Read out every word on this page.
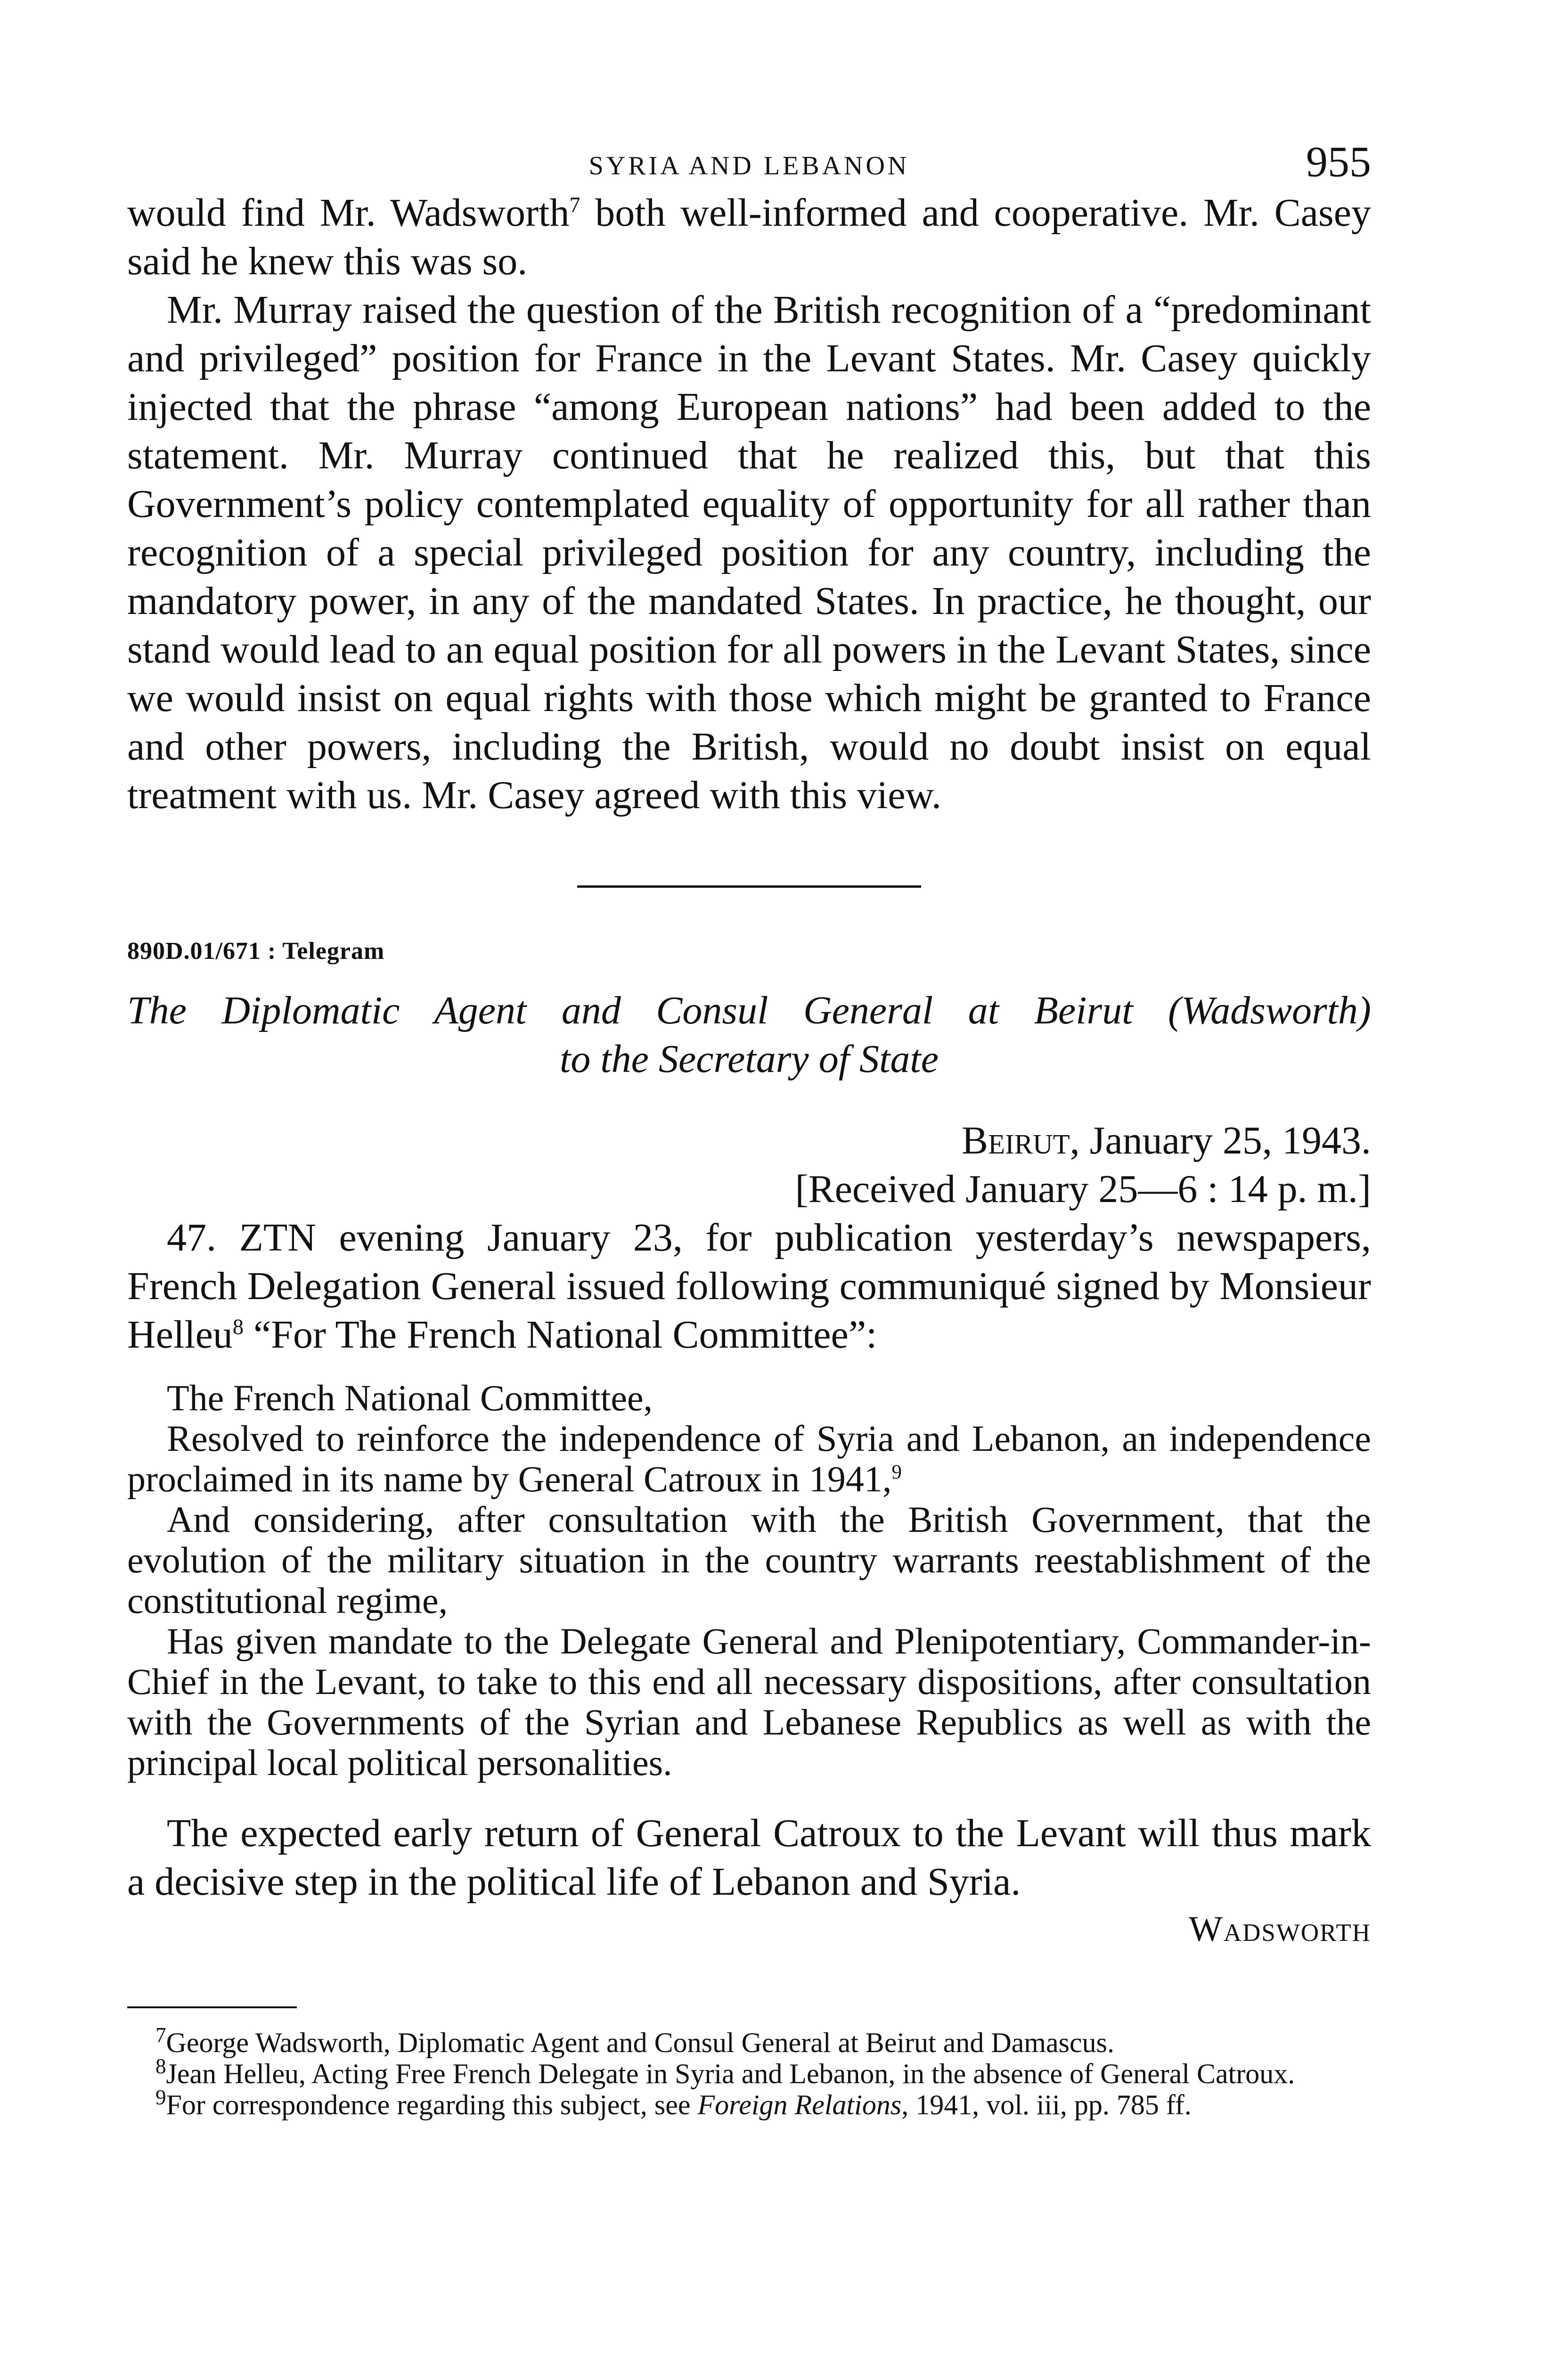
SYRIA AND LEBANON	955

would find Mr. Wadsworth$^7$ both well-informed and cooperative. Mr. Casey said he knew this was so.

Mr. Murray raised the question of the British recognition of a “predominant and privileged” position for France in the Levant States. Mr. Casey quickly injected that the phrase “among European nations” had been added to the statement. Mr. Murray continued that he realized this, but that this Government’s policy contemplated equality of opportunity for all rather than recognition of a special privileged position for any country, including the mandatory power, in any of the mandated States. In practice, he thought, our stand would lead to an equal position for all powers in the Levant States, since we would insist on equal rights with those which might be granted to France and other powers, including the British, would no doubt insist on equal treatment with us. Mr. Casey agreed with this view.

890D.01/671 : Telegram
The Diplomatic Agent and Consul General at Beirut (Wadsworth)
to the Secretary of State
Beirut, January 25, 1943.
[Received January 25—6 : 14 p. m.]

47. ZTN evening January 23, for publication yesterday’s newspapers, French Delegation General issued following communiqué signed by Monsieur Helleu$^8$ “For The French National Committee”:

The French National Committee,

Resolved to reinforce the independence of Syria and Lebanon, an independence proclaimed in its name by General Catroux in 1941,$^9$

And considering, after consultation with the British Government, that the evolution of the military situation in the country warrants reestablishment of the constitutional regime,

Has given mandate to the Delegate General and Plenipotentiary, Commander-in-Chief in the Levant, to take to this end all necessary dispositions, after consultation with the Governments of the Syrian and Lebanese Republics as well as with the principal local political personalities.

The expected early return of General Catroux to the Levant will thus mark a decisive step in the political life of Lebanon and Syria.

Wadsworth

$^7$George Wadsworth, Diplomatic Agent and Consul General at Beirut and Damascus.

$^8$Jean Helleu, Acting Free French Delegate in Syria and Lebanon, in the absence of General Catroux.

$^9$For correspondence regarding this subject, see Foreign Relations, 1941, vol. iii, pp. 785 ff.
